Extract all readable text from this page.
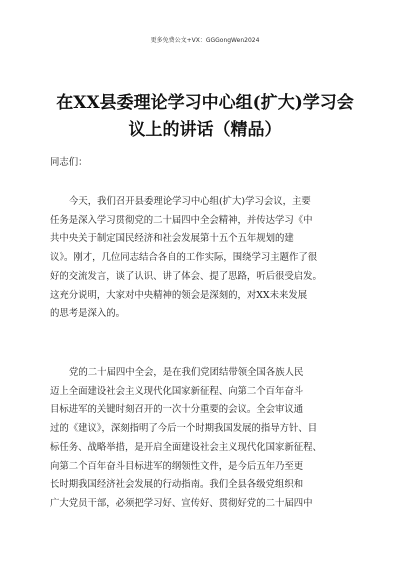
更多免费公文+VX：GGGongWen2024
在XX县委理论学习中心组(扩大)学习会
议上的讲话（精品）
同志们：
今天，我们召开县委理论学习中心组(扩大)学习会议，主要
任务是深入学习贯彻党的二十届四中全会精神，并传达学习《中
共中央关于制定国民经济和社会发展第十五个五年规划的建
议》。刚才，几位同志结合各自的工作实际，围绕学习主题作了很
好的交流发言，谈了认识、讲了体会、提了思路，听后很受启发。
这充分说明，大家对中央精神的领会是深刻的，对XX未来发展
的思考是深入的。
党的二十届四中全会，是在我们党团结带领全国各族人民
迈上全面建设社会主义现代化国家新征程、向第二个百年奋斗
目标进军的关键时刻召开的一次十分重要的会议。全会审议通
过的《建议》，深刻指明了今后一个时期我国发展的指导方针、目
标任务、战略举措，是开启全面建设社会主义现代化国家新征程、
向第二个百年奋斗目标进军的纲领性文件，是今后五年乃至更
长时期我国经济社会发展的行动指南。我们全县各级党组织和
广大党员干部，必须把学习好、宣传好、贯彻好党的二十届四中
